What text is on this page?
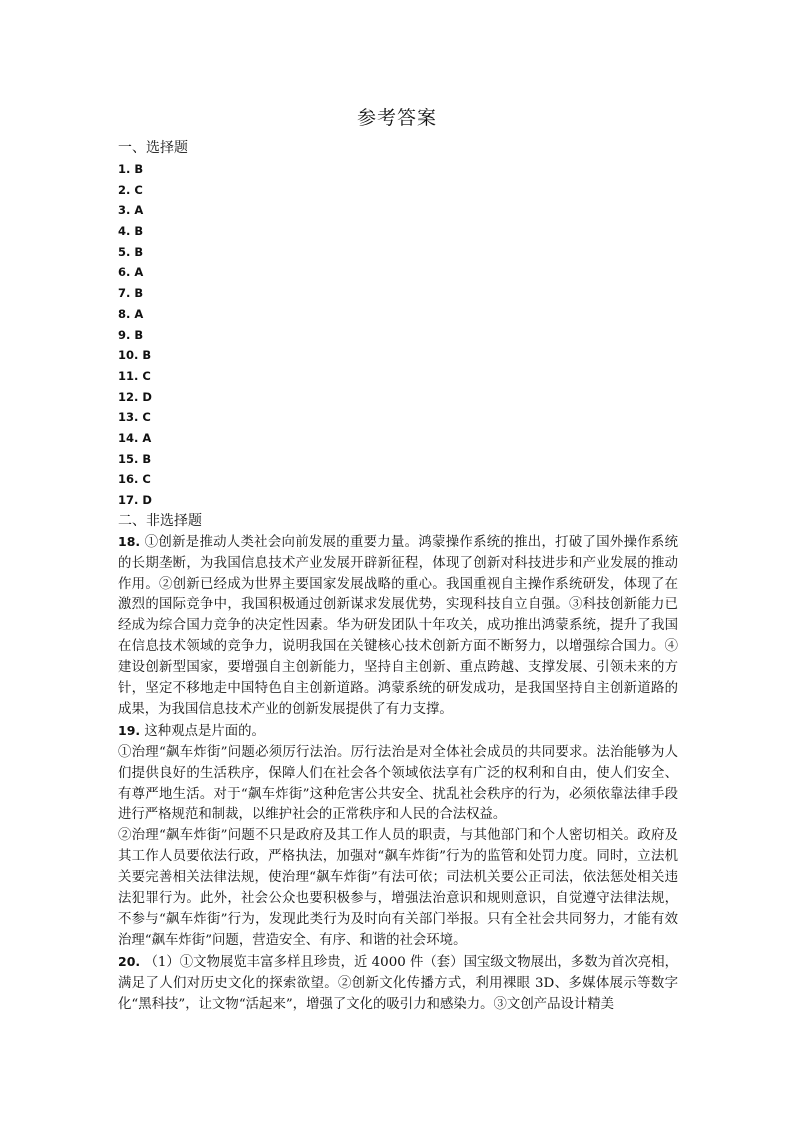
参考答案

一、选择题

1. B
2. C
3. A
4. B
5. B
6. A
7. B
8. A
9. B
10. B
11. C
12. D
13. C
14. A
15. B
16. C
17. D

二、非选择题

18. ①创新是推动人类社会向前发展的重要力量。鸿蒙操作系统的推出，打破了国外操作系统的长期垄断，为我国信息技术产业发展开辟新征程，体现了创新对科技进步和产业发展的推动作用。②创新已经成为世界主要国家发展战略的重心。我国重视自主操作系统研发，体现了在激烈的国际竞争中，我国积极通过创新谋求发展优势，实现科技自立自强。③科技创新能力已经成为综合国力竞争的决定性因素。华为研发团队十年攻关，成功推出鸿蒙系统，提升了我国在信息技术领域的竞争力，说明我国在关键核心技术创新方面不断努力，以增强综合国力。④建设创新型国家，要增强自主创新能力，坚持自主创新、重点跨越、支撑发展、引领未来的方针，坚定不移地走中国特色自主创新道路。鸿蒙系统的研发成功，是我国坚持自主创新道路的成果，为我国信息技术产业的创新发展提供了有力支撑。

19. 这种观点是片面的。

①治理“飙车炸街”问题必须厉行法治。厉行法治是对全体社会成员的共同要求。法治能够为人们提供良好的生活秩序，保障人们在社会各个领域依法享有广泛的权利和自由，使人们安全、有尊严地生活。对于“飙车炸街”这种危害公共安全、扰乱社会秩序的行为，必须依靠法律手段进行严格规范和制裁，以维护社会的正常秩序和人民的合法权益。

②治理“飙车炸街”问题不只是政府及其工作人员的职责，与其他部门和个人密切相关。政府及其工作人员要依法行政，严格执法，加强对“飙车炸街”行为的监管和处罚力度。同时，立法机关要完善相关法律法规，使治理“飙车炸街”有法可依；司法机关要公正司法，依法惩处相关违法犯罪行为。此外，社会公众也要积极参与，增强法治意识和规则意识，自觉遵守法律法规，不参与“飙车炸街”行为，发现此类行为及时向有关部门举报。只有全社会共同努力，才能有效治理“飙车炸街”问题，营造安全、有序、和谐的社会环境。

20. （1）①文物展览丰富多样且珍贵，近 4000 件（套）国宝级文物展出，多数为首次亮相，满足了人们对历史文化的探索欲望。②创新文化传播方式，利用裸眼 3D、多媒体展示等数字化“黑科技”，让文物“活起来”，增强了文化的吸引力和感染力。③文创产品设计精美
